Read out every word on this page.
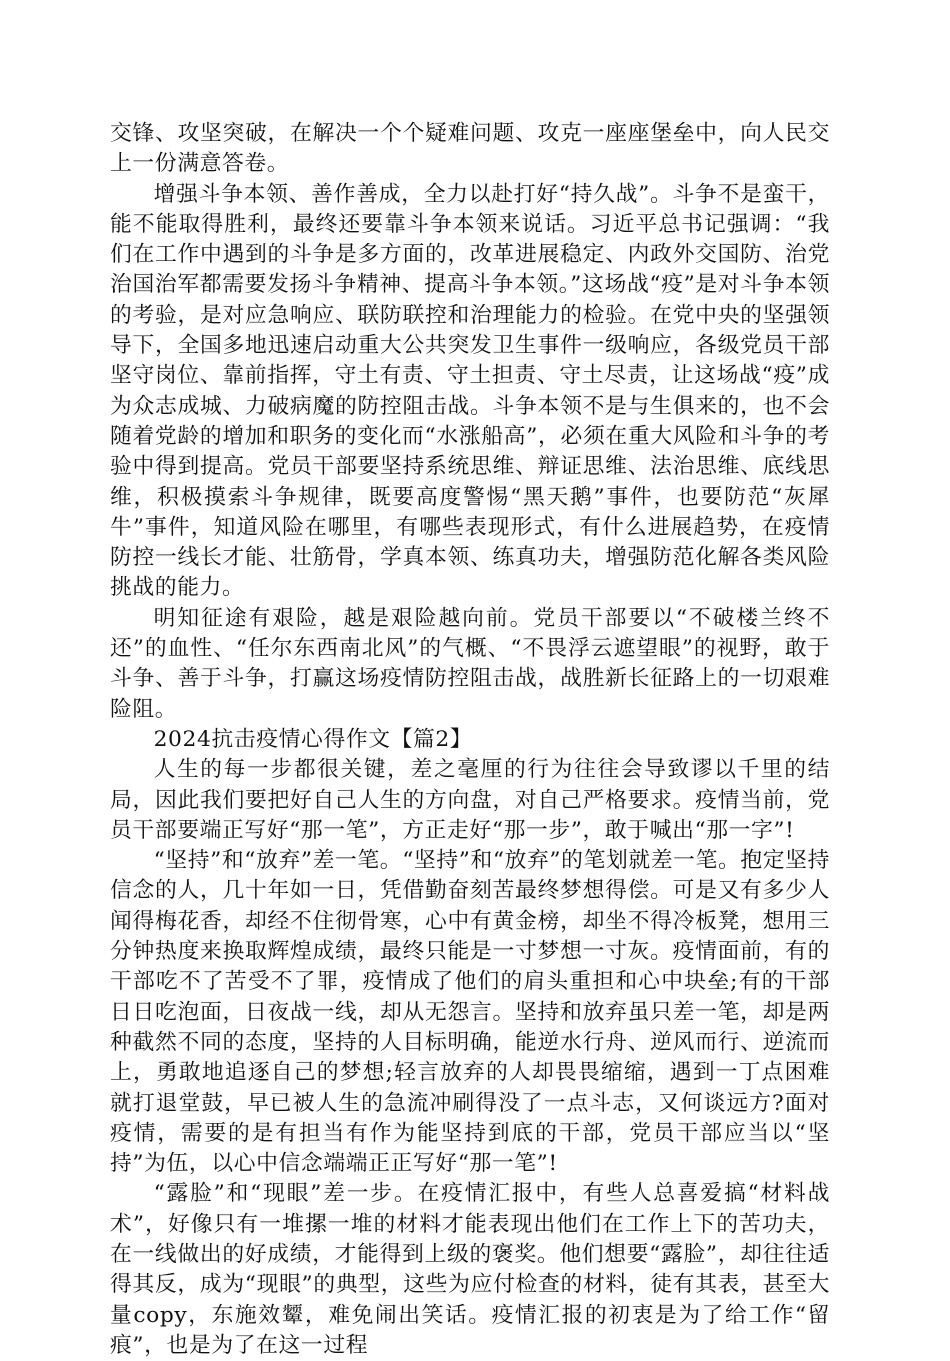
交锋、攻坚突破，在解决一个个疑难问题、攻克一座座堡垒中，向人民交上一份满意答卷。

增强斗争本领、善作善成，全力以赴打好“持久战”。斗争不是蛮干，能不能取得胜利，最终还要靠斗争本领来说话。习近平总书记强调：“我们在工作中遇到的斗争是多方面的，改革进展稳定、内政外交国防、治党治国治军都需要发扬斗争精神、提高斗争本领。”这场战“疫”是对斗争本领的考验，是对应急响应、联防联控和治理能力的检验。在党中央的坚强领导下，全国多地迅速启动重大公共突发卫生事件一级响应，各级党员干部坚守岗位、靠前指挥，守土有责、守土担责、守土尽责，让这场战“疫”成为众志成城、力破病魔的防控阻击战。斗争本领不是与生俱来的，也不会随着党龄的增加和职务的变化而“水涨船高”，必须在重大风险和斗争的考验中得到提高。党员干部要坚持系统思维、辩证思维、法治思维、底线思维，积极摸索斗争规律，既要高度警惕“黑天鹅”事件，也要防范“灰犀牛”事件，知道风险在哪里，有哪些表现形式，有什么进展趋势，在疫情防控一线长才能、壮筋骨，学真本领、练真功夫，增强防范化解各类风险挑战的能力。

明知征途有艰险，越是艰险越向前。党员干部要以“不破楼兰终不还”的血性、“任尔东西南北风”的气概、“不畏浮云遮望眼”的视野，敢于斗争、善于斗争，打赢这场疫情防控阻击战，战胜新长征路上的一切艰难险阻。

2024抗击疫情心得作文【篇2】

人生的每一步都很关键，差之毫厘的行为往往会导致谬以千里的结局，因此我们要把好自己人生的方向盘，对自己严格要求。疫情当前，党员干部要端正写好“那一笔”，方正走好“那一步”，敢于喊出“那一字”!

“坚持”和“放弃”差一笔。“坚持”和“放弃”的笔划就差一笔。抱定坚持信念的人，几十年如一日，凭借勤奋刻苦最终梦想得偿。可是又有多少人闻得梅花香，却经不住彻骨寒，心中有黄金榜，却坐不得冷板凳，想用三分钟热度来换取辉煌成绩，最终只能是一寸梦想一寸灰。疫情面前，有的干部吃不了苦受不了罪，疫情成了他们的肩头重担和心中块垒;有的干部日日吃泡面，日夜战一线，却从无怨言。坚持和放弃虽只差一笔，却是两种截然不同的态度，坚持的人目标明确，能逆水行舟、逆风而行、逆流而上，勇敢地追逐自己的梦想;轻言放弃的人却畏畏缩缩，遇到一丁点困难就打退堂鼓，早已被人生的急流冲刷得没了一点斗志，又何谈远方?面对疫情，需要的是有担当有作为能坚持到底的干部，党员干部应当以“坚持”为伍，以心中信念端端正正写好“那一笔”!

“露脸”和“现眼”差一步。在疫情汇报中，有些人总喜爱搞“材料战术”，好像只有一堆摞一堆的材料才能表现出他们在工作上下的苦功夫，在一线做出的好成绩，才能得到上级的褒奖。他们想要“露脸”，却往往适得其反，成为“现眼”的典型，这些为应付检查的材料，徒有其表，甚至大量copy，东施效颦，难免闹出笑话。疫情汇报的初衷是为了给工作“留痕”，也是为了在这一过程
